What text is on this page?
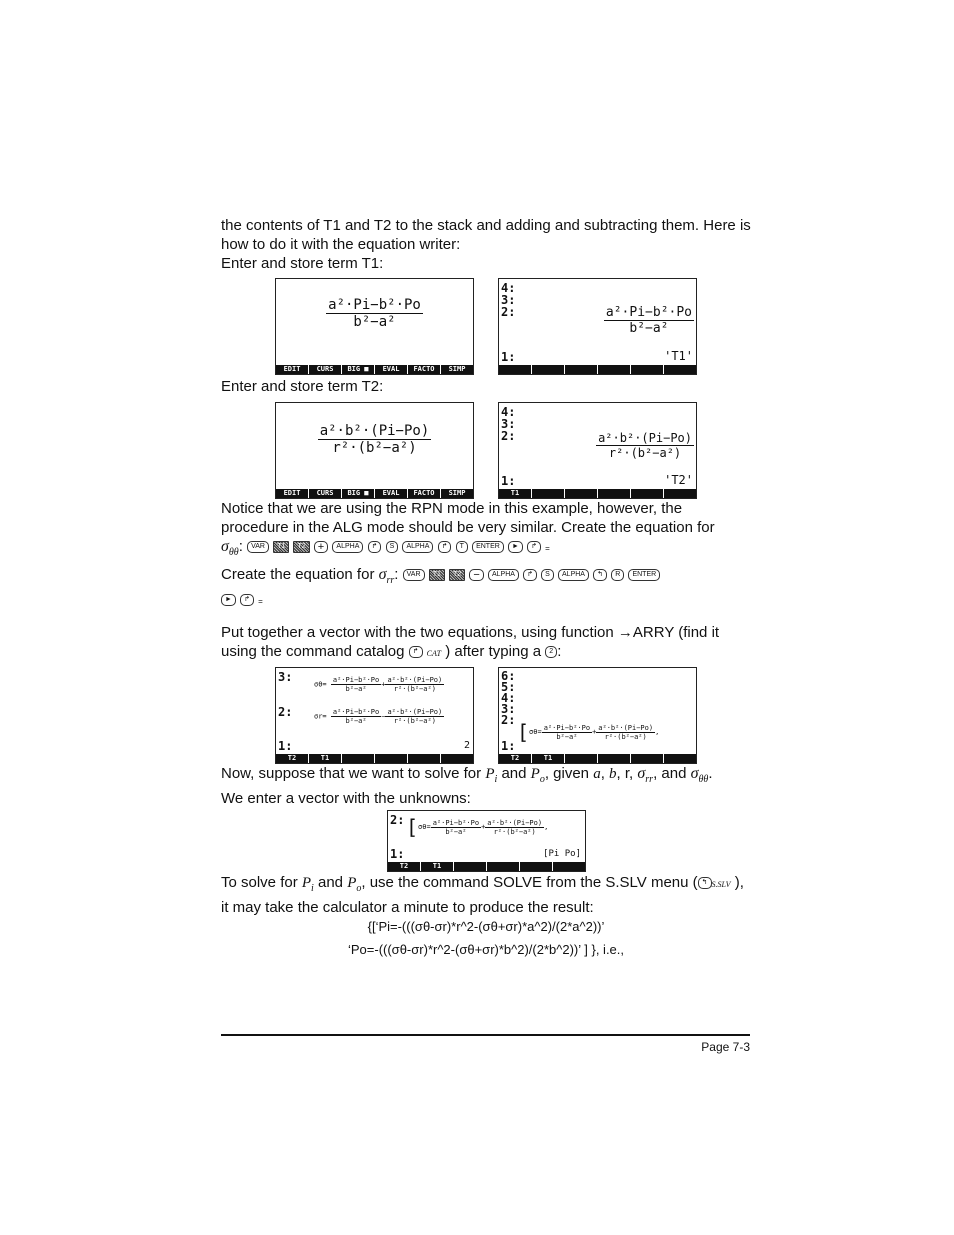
the contents of T1 and T2 to the stack and adding and subtracting them. Here is how to do it with the equation writer:

Enter and store term T1:

$\frac{\text{a²·Pi−b²·Po}}{\text{b²−a²}}$
EDIT	CURS	BIG ■	EVAL	FACTO	SIMP
4:
3:
2:
1:
$\frac{\text{a²·Pi−b²·Po}}{\text{b²−a²}}$
'T1'

Enter and store term T2:

$\frac{\text{a²·b²·(Pi−Po)}}{\text{r²·(b²−a²)}}$
EDIT	CURS	BIG ■	EVAL	FACTO	SIMP
4:
3:
2:
1:
$\frac{\text{a²·b²·(Pi−Po)}}{\text{r²·(b²−a²)}}$
'T2'
T1

Notice that we are using the RPN mode in this example, however, the procedure in the ALG mode should be very similar. Create the equation for
$\sigma_{\theta\theta}$: VAR T1 T2 + ALPHA ↱ S ALPHA ↱ T ENTER ► ↱ =

Create the equation for $\sigma_{rr}$: VAR T1 T2 − ALPHA ↱ S ALPHA ↰ R ENTER
► ↱ =

Put together a vector with the two equations, using function →ARRY (find it using the command catalog ↱ CAT ) after typing a 2 :

3:
2:
1:
$\sigma\theta= \frac{\text{a²·Pi−b²·Po}}{\text{b²−a²}} + \frac{\text{a²·b²·(Pi−Po)}}{\text{r²·(b²−a²)}}$
$\sigma r= \frac{\text{a²·Pi−b²·Po}}{\text{b²−a²}} - \frac{\text{a²·b²·(Pi−Po)}}{\text{r²·(b²−a²)}}$
2
T2	T1
6:
5:
4:
3:
2:
1:
[$\sigma\theta= \frac{\text{a²·Pi−b²·Po}}{\text{b²−a²}} + \frac{\text{a²·b²·(Pi−Po)}}{\text{r²·(b²−a²)}}$ ,
T2	T1

Now, suppose that we want to solve for $P_i$ and $P_o$, given a, b, r, $\sigma_{rr}$, and $\sigma_{\theta\theta}$.
We enter a vector with the unknowns:

2:
1:
[$\sigma\theta= \frac{\text{a²·Pi−b²·Po}}{\text{b²−a²}} + \frac{\text{a²·b²·(Pi−Po)}}{\text{r²·(b²−a²)}}$ ,
[Pi Po]
T2	T1

To solve for $P_i$ and $P_o$, use the command SOLVE from the S.SLV menu ( ↰ S.SLV ),
it may take the calculator a minute to produce the result:

{[‘Pi=-(((σθ-σr)*r^2-(σθ+σr)*a^2)/(2*a^2))’
‘Po=-(((σθ-σr)*r^2-(σθ+σr)*b^2)/(2*b^2))’ ] }, i.e.,
Page 7-3
